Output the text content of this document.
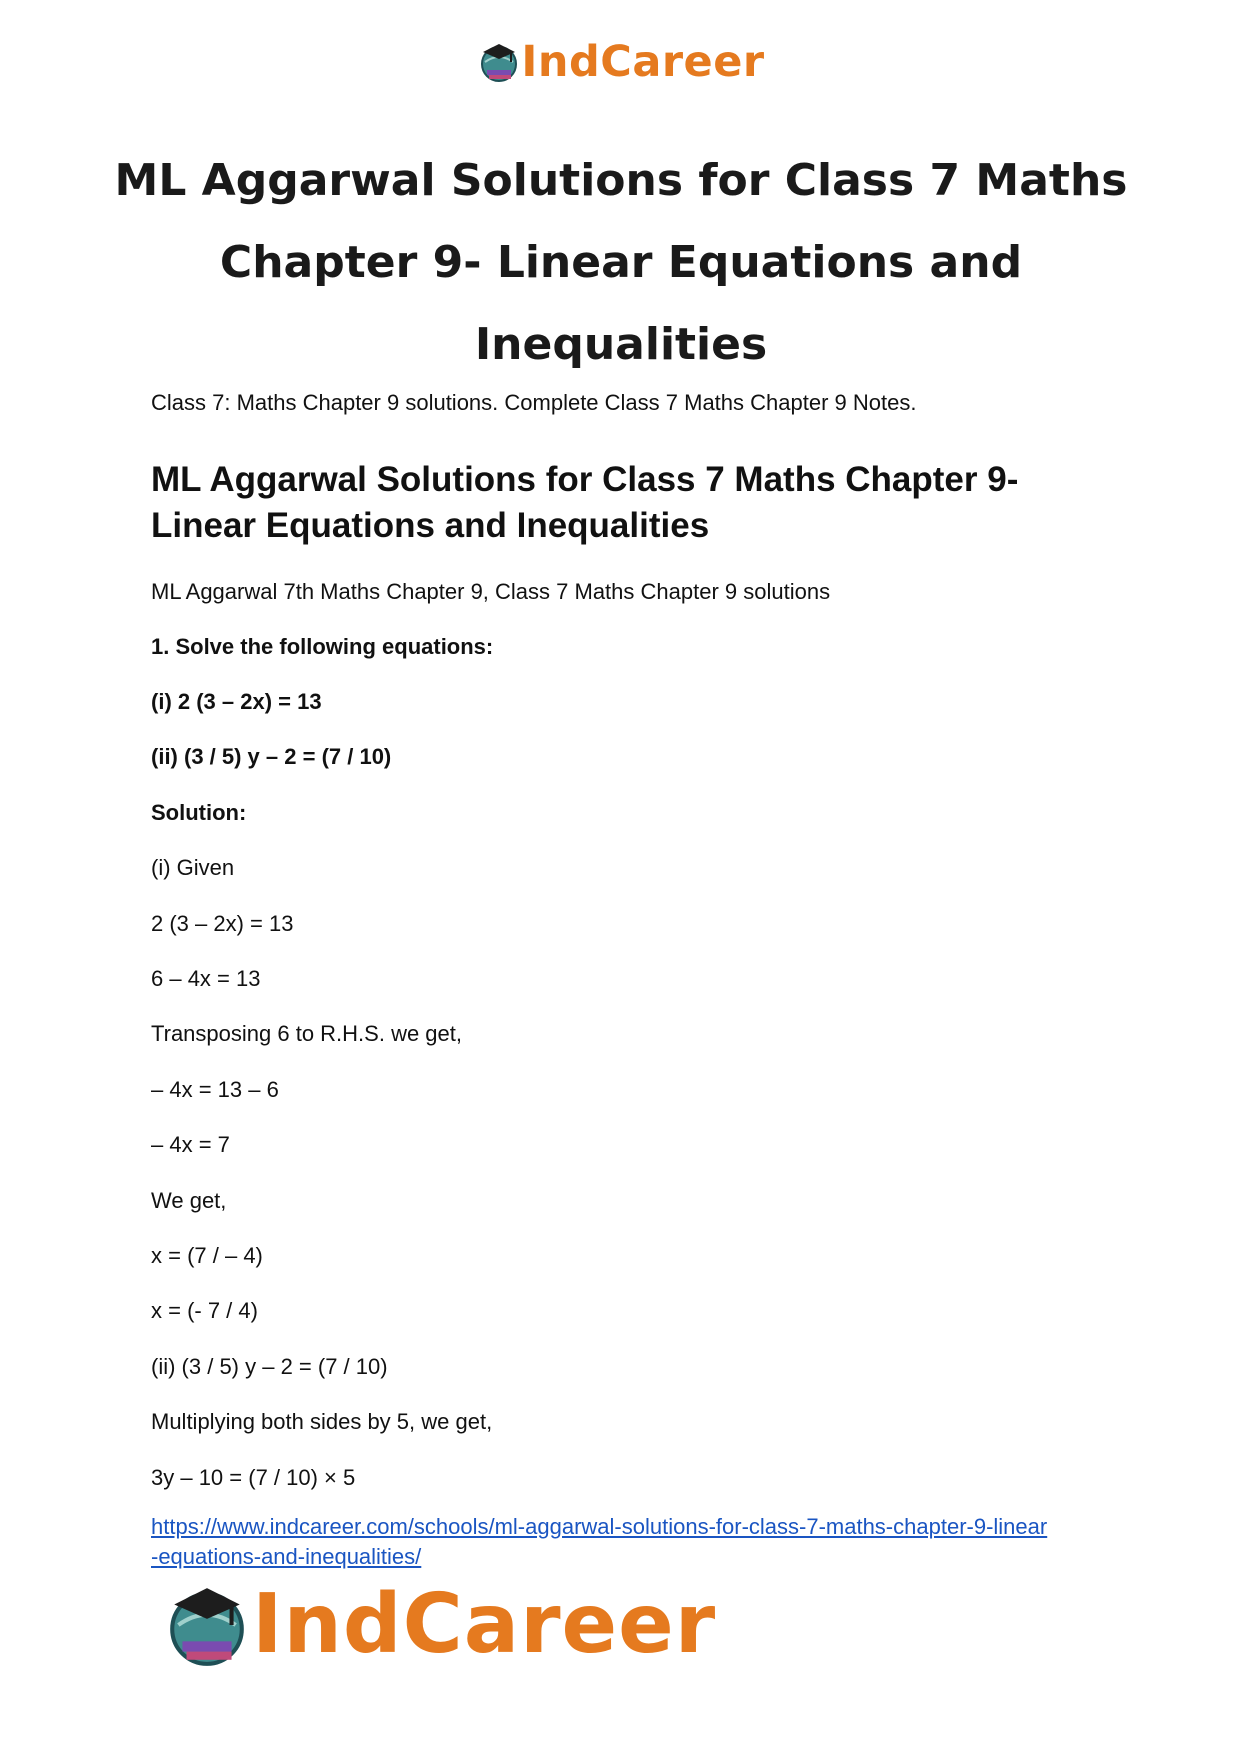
IndCareer
ML Aggarwal Solutions for Class 7 Maths
Chapter 9- Linear Equations and Inequalities
Class 7: Maths Chapter 9 solutions. Complete Class 7 Maths Chapter 9 Notes.
ML Aggarwal Solutions for Class 7 Maths Chapter 9-
Linear Equations and Inequalities
ML Aggarwal 7th Maths Chapter 9, Class 7 Maths Chapter 9 solutions
1. Solve the following equations:
(i) 2 (3 – 2x) = 13
(ii) (3 / 5) y – 2 = (7 / 10)
Solution:
(i) Given
2 (3 – 2x) = 13
6 – 4x = 13
Transposing 6 to R.H.S. we get,
– 4x = 13 – 6
– 4x = 7
We get,
x = (7 / – 4)
x = (- 7 / 4)
(ii) (3 / 5) y – 2 = (7 / 10)
Multiplying both sides by 5, we get,
3y – 10 = (7 / 10) × 5
https://www.indcareer.com/schools/ml-aggarwal-solutions-for-class-7-maths-chapter-9-linear
-equations-and-inequalities/
IndCareer
